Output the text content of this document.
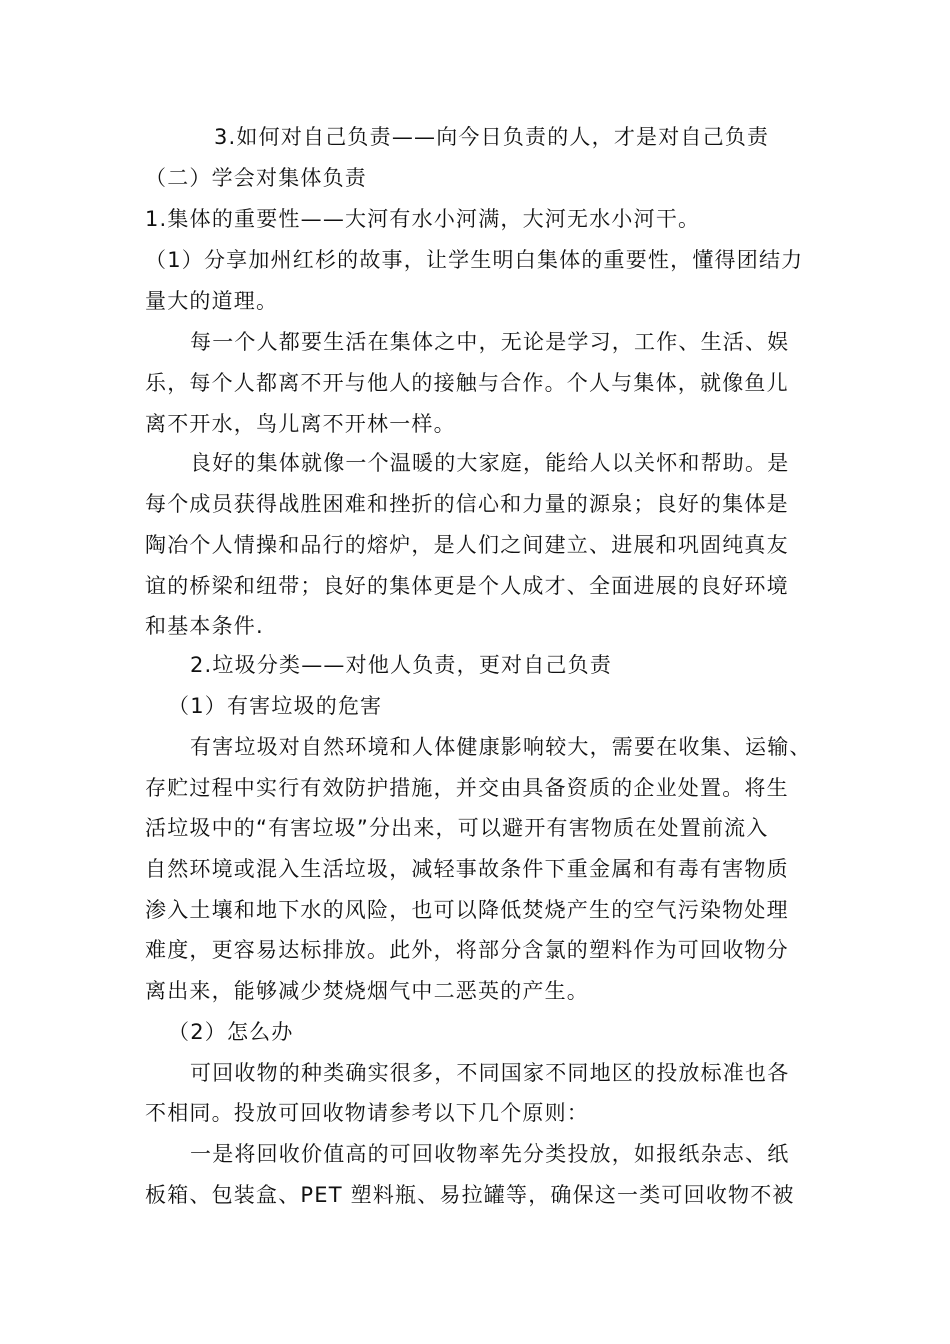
3.如何对自己负责——向今日负责的人，才是对自己负责
（二）学会对集体负责
1.集体的重要性——大河有水小河满，大河无水小河干。
（1）分享加州红杉的故事，让学生明白集体的重要性，懂得团结力
量大的道理。
每一个人都要生活在集体之中，无论是学习，工作、生活、娱
乐，每个人都离不开与他人的接触与合作。个人与集体，就像鱼儿
离不开水，鸟儿离不开林一样。
良好的集体就像一个温暖的大家庭，能给人以关怀和帮助。是
每个成员获得战胜困难和挫折的信心和力量的源泉；良好的集体是
陶冶个人情操和品行的熔炉，是人们之间建立、进展和巩固纯真友
谊的桥梁和纽带；良好的集体更是个人成才、全面进展的良好环境
和基本条件.
2.垃圾分类——对他人负责，更对自己负责
（1）有害垃圾的危害
有害垃圾对自然环境和人体健康影响较大，需要在收集、运输、
存贮过程中实行有效防护措施，并交由具备资质的企业处置。将生
活垃圾中的“有害垃圾”分出来，可以避开有害物质在处置前流入
自然环境或混入生活垃圾，减轻事故条件下重金属和有毒有害物质
渗入土壤和地下水的风险，也可以降低焚烧产生的空气污染物处理
难度，更容易达标排放。此外，将部分含氯的塑料作为可回收物分
离出来，能够减少焚烧烟气中二恶英的产生。
（2）怎么办
可回收物的种类确实很多，不同国家不同地区的投放标准也各
不相同。投放可回收物请参考以下几个原则：
一是将回收价值高的可回收物率先分类投放，如报纸杂志、纸
板箱、包装盒、PET 塑料瓶、易拉罐等，确保这一类可回收物不被
